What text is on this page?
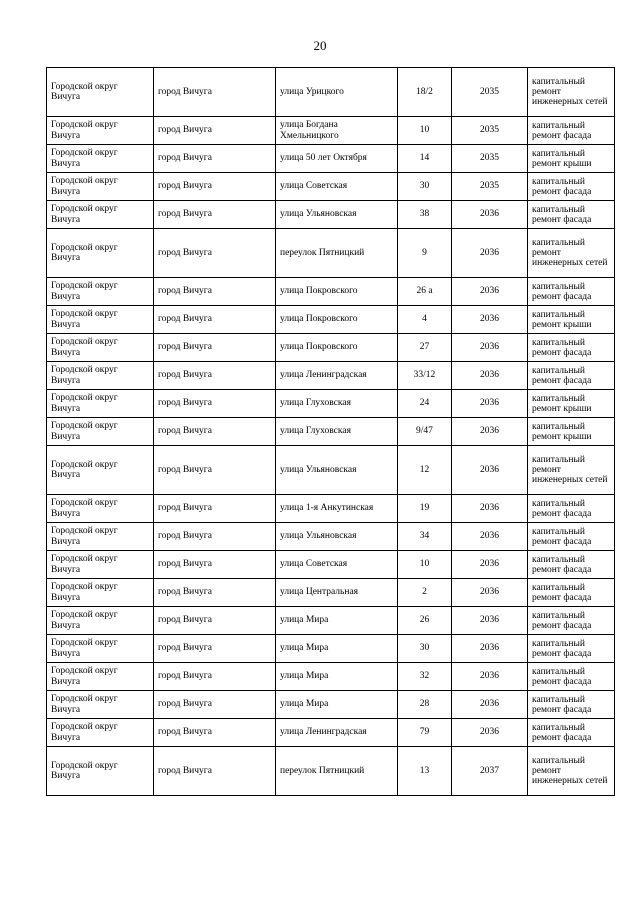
20
Городской округ Вичуга	город Вичуга	улица Урицкого	18/2	2035	капитальный ремонт инженерных сетей
Городской округ Вичуга	город Вичуга	улица Богдана Хмельницкого	10	2035	капитальный ремонт фасада
Городской округ Вичуга	город Вичуга	улица 50 лет Октября	14	2035	капитальный ремонт крыши
Городской округ Вичуга	город Вичуга	улица Советская	30	2035	капитальный ремонт фасада
Городской округ Вичуга	город Вичуга	улица Ульяновская	38	2036	капитальный ремонт фасада
Городской округ Вичуга	город Вичуга	переулок Пятницкий	9	2036	капитальный ремонт инженерных сетей
Городской округ Вичуга	город Вичуга	улица Покровского	26 а	2036	капитальный ремонт фасада
Городской округ Вичуга	город Вичуга	улица Покровского	4	2036	капитальный ремонт крыши
Городской округ Вичуга	город Вичуга	улица Покровского	27	2036	капитальный ремонт фасада
Городской округ Вичуга	город Вичуга	улица Ленинградская	33/12	2036	капитальный ремонт фасада
Городской округ Вичуга	город Вичуга	улица Глуховская	24	2036	капитальный ремонт крыши
Городской округ Вичуга	город Вичуга	улица Глуховская	9/47	2036	капитальный ремонт крыши
Городской округ Вичуга	город Вичуга	улица Ульяновская	12	2036	капитальный ремонт инженерных сетей
Городской округ Вичуга	город Вичуга	улица 1-я Анкутинская	19	2036	капитальный ремонт фасада
Городской округ Вичуга	город Вичуга	улица Ульяновская	34	2036	капитальный ремонт фасада
Городской округ Вичуга	город Вичуга	улица Советская	10	2036	капитальный ремонт фасада
Городской округ Вичуга	город Вичуга	улица Центральная	2	2036	капитальный ремонт фасада
Городской округ Вичуга	город Вичуга	улица Мира	26	2036	капитальный ремонт фасада
Городской округ Вичуга	город Вичуга	улица Мира	30	2036	капитальный ремонт фасада
Городской округ Вичуга	город Вичуга	улица Мира	32	2036	капитальный ремонт фасада
Городской округ Вичуга	город Вичуга	улица Мира	28	2036	капитальный ремонт фасада
Городской округ Вичуга	город Вичуга	улица Ленинградская	79	2036	капитальный ремонт фасада
Городской округ Вичуга	город Вичуга	переулок Пятницкий	13	2037	капитальный ремонт инженерных сетей
